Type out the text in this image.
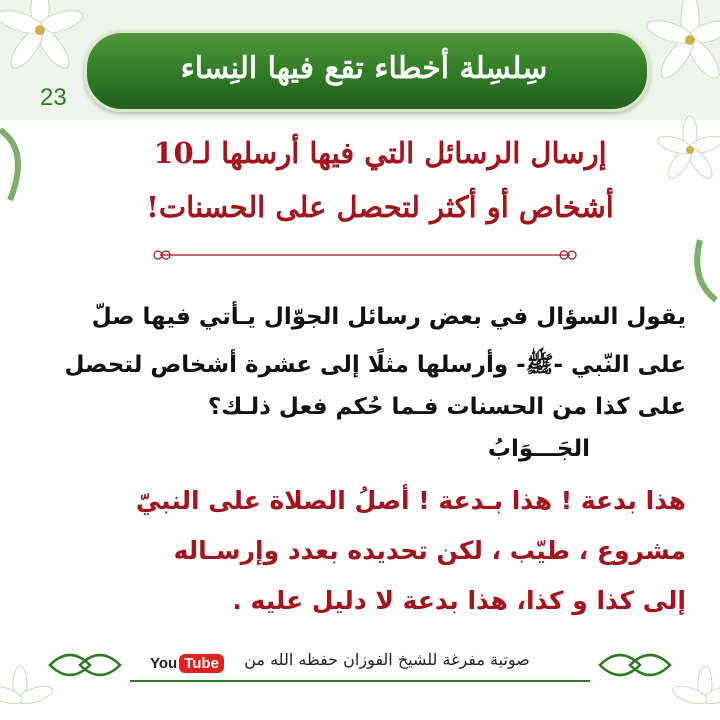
سِلسِلة أخطاء تقع فيها النِساء
23
إرسال الرسائل التي فيها أرسلها لـ10
أشخاص أو أكثر لتحصل على الحسنات!
يقول السؤال في بعض رسائل الجوّال يـأتي فيها صلّ
على النّبي -ﷺ- وأرسلها مثلًا إلى عشرة أشخاص لتحصل
على كذا من الحسنات فـما حُكم فعل ذلـك؟
الجَـــوَابُ
هذا بدعة ! هذا بـدعة ! أصلُ الصلاة على النبيّ
مشروع ، طيّب ، لكن تحديده بعدد وإرسـاله
إلى كذا و كذا، هذا بدعة لا دليل عليه .
صوتية مفرغة للشيخ الفوزان حفظه الله من
You Tube
